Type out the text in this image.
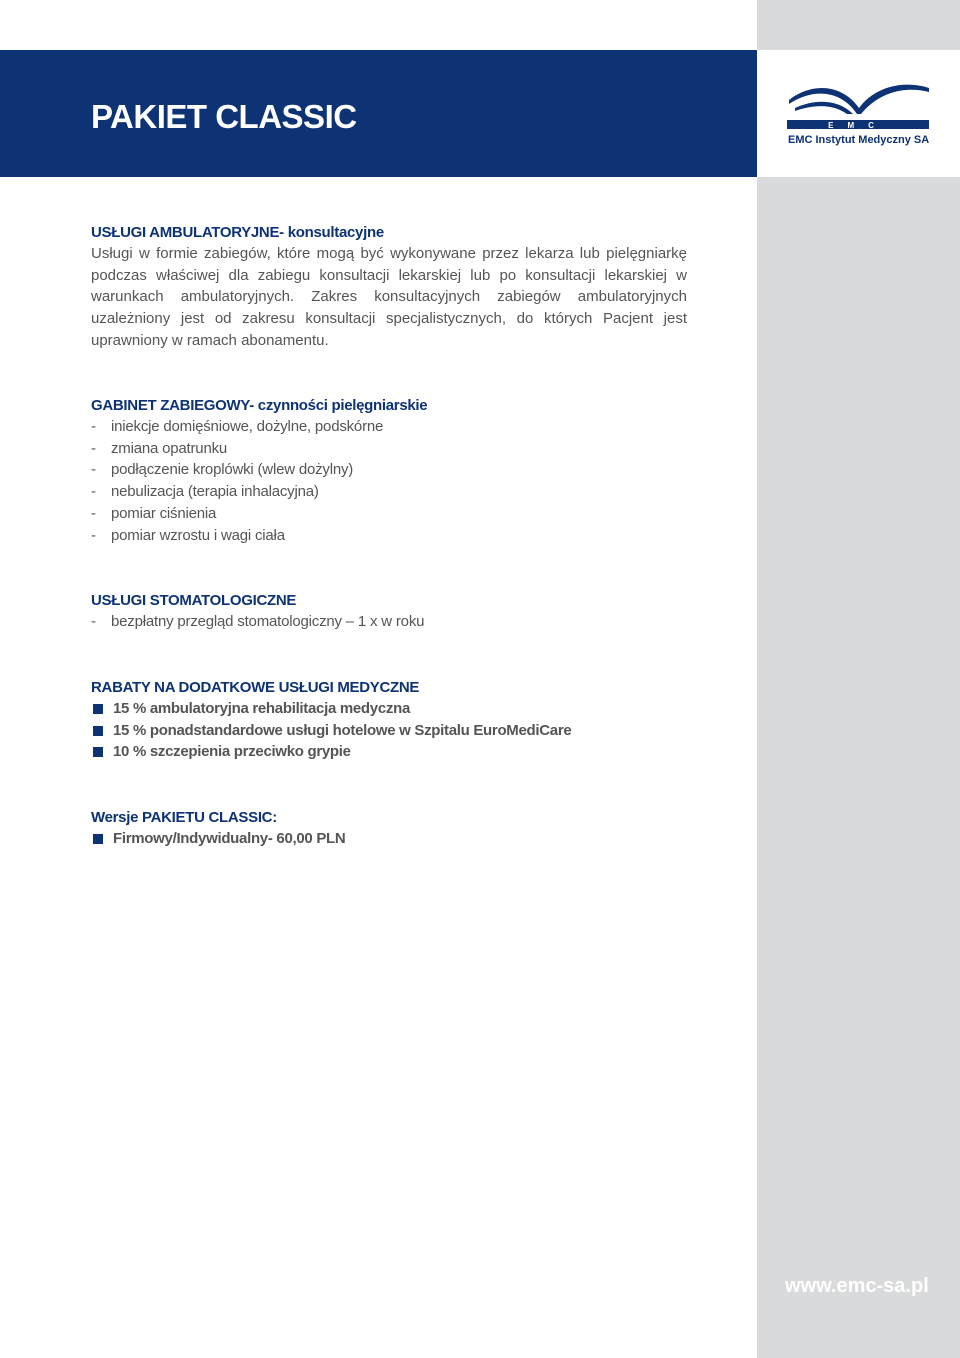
PAKIET CLASSIC	EMC
EMC Instytut Medyczny SA
USŁUGI AMBULATORYJNE- konsultacyjne

Usługi w formie zabiegów, które mogą być wykonywane przez lekarza lub pielęgniarkę podczas właściwej dla zabiegu konsultacji lekarskiej lub po konsultacji lekarskiej w warunkach ambulatoryjnych. Zakres konsultacyjnych zabiegów ambulatoryjnych uzależniony jest od zakresu konsultacji specjalistycznych, do których Pacjent jest uprawniony w ramach abonamentu.

GABINET ZABIEGOWY- czynności pielęgniarskie
- iniekcje domięśniowe, dożylne, podskórne
- zmiana opatrunku
- podłączenie kroplówki (wlew dożylny)
- nebulizacja (terapia inhalacyjna)
- pomiar ciśnienia
- pomiar wzrostu i wagi ciała
USŁUGI STOMATOLOGICZNE
- bezpłatny przegląd stomatologiczny – 1 x w roku
RABATY NA DODATKOWE USŁUGI MEDYCZNE
15 % ambulatoryjna rehabilitacja medyczna
15 % ponadstandardowe usługi hotelowe w Szpitalu EuroMediCare
10 % szczepienia przeciwko grypie
Wersje PAKIETU CLASSIC:
Firmowy/Indywidualny- 60,00 PLN
www.emc-sa.pl
